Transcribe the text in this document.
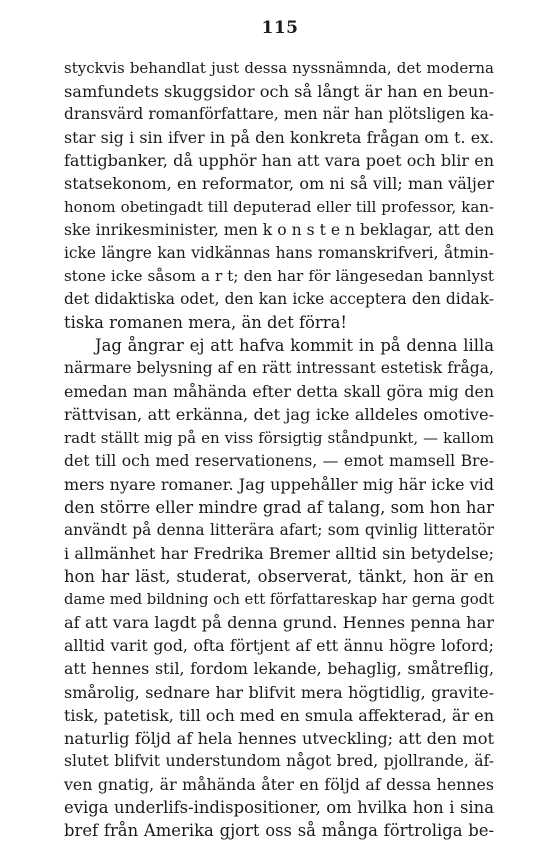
115
styckvis behandlat just dessa nyssnämnda, det moderna
samfundets skuggsidor och så långt är han en beun-
dransvärd romanförfattare, men när han plötsligen ka-
star sig i sin ifver in på den konkreta frågan om t. ex.
fattigbanker, då upphör han att vara poet och blir en
statsekonom, en reformator, om ni så vill; man väljer
honom obetingadt till deputerad eller till professor, kan-
ske inrikesminister, men k o n s t e n beklagar, att den
icke längre kan vidkännas hans romanskrifveri, åtmin-
stone icke såsom a r t; den har för längesedan bannlyst
det didaktiska odet, den kan icke acceptera den didak-
tiska romanen mera, än det förra!
Jag ångrar ej att hafva kommit in på denna lilla
närmare belysning af en rätt intressant estetisk fråga,
emedan man måhända efter detta skall göra mig den
rättvisan, att erkänna, det jag icke alldeles omotive-
radt ställt mig på en viss försigtig ståndpunkt, — kallom
det till och med reservationens, — emot mamsell Bre-
mers nyare romaner. Jag uppehåller mig här icke vid
den större eller mindre grad af talang, som hon har
användt på denna litterära afart; som qvinlig litteratör
i allmänhet har Fredrika Bremer alltid sin betydelse;
hon har läst, studerat, observerat, tänkt, hon är en
dame med bildning och ett författareskap har gerna godt
af att vara lagdt på denna grund. Hennes penna har
alltid varit god, ofta förtjent af ett ännu högre loford;
att hennes stil, fordom lekande, behaglig, småtreflig,
smårolig, sednare har blifvit mera högtidlig, gravite-
tisk, patetisk, till och med en smula affekterad, är en
naturlig följd af hela hennes utveckling; att den mot
slutet blifvit understundom något bred, pjollrande, äf-
ven gnatig, är måhända åter en följd af dessa hennes
eviga underlifs-indispositioner, om hvilka hon i sina
bref från Amerika gjort oss så många förtroliga be-
